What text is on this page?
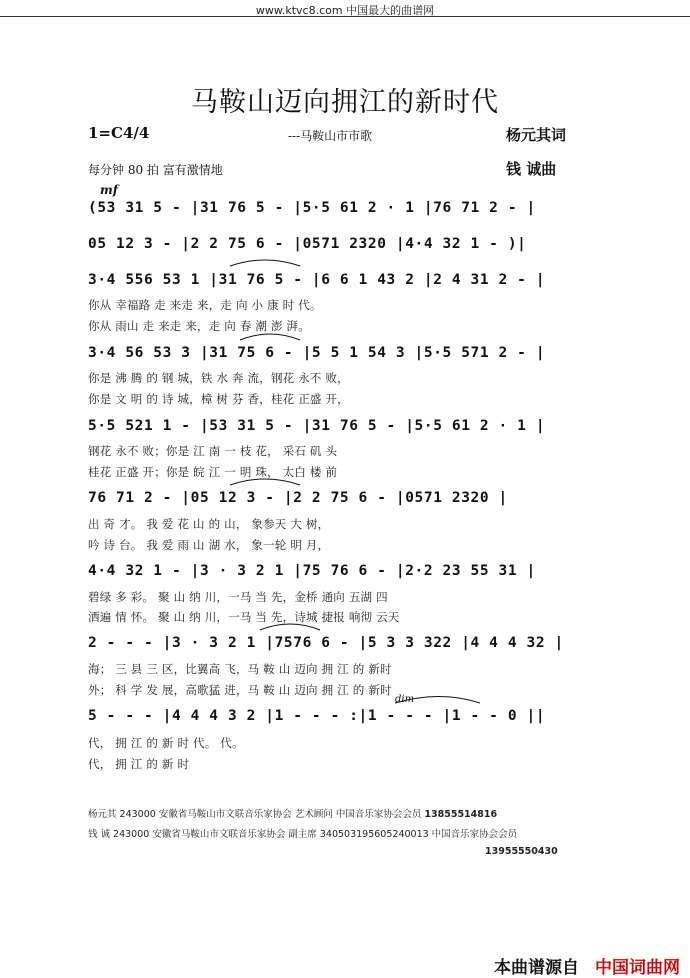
www.ktvc8.com 中国最大的曲谱网
马鞍山迈向拥江的新时代
1=C4/4	---马鞍山市市歌	杨元其词
每分钟 80 拍 富有激情地	钱 诚曲
mf
(53 31 5 - |31 76 5 - |5·5 61 2 · 1 |76 71 2 - |
05 12 3 - |2 2 75 6 - |0571 2320 |4·4 32 1 - )|
3·4 556 53 1 |31 76 5 - |6 6 1 43 2 |2 4 31 2 - |
你从 幸福路 走 来走 来，走 向 小 康 时 代。
你从 雨山 走 来走 来，走 向 春 潮 澎 湃。
3·4 56 53 3 |31 75 6 - |5 5 1 54 3 |5·5 571 2 - |
你是 沸 腾 的 钢 城，铁 水 奔 流，钢花 永不 败，
你是 文 明 的 诗 城，樟 树 芬 香，桂花 正盛 开，
5·5 521 1 - |53 31 5 - |31 76 5 - |5·5 61 2 · 1 |
钢花 永不 败；你是 江 南 一 枝 花， 采石 矶 头
桂花 正盛 开；你是 皖 江 一 明 珠， 太白 楼 前
76 71 2 - |05 12 3 - |2 2 75 6 - |0571 2320 |
出 奇 才。 我 爱 花 山 的 山， 象参天 大 树，
吟 诗 台。 我 爱 雨 山 湖 水， 象一轮 明 月，
4·4 32 1 - |3 · 3 2 1 |75 76 6 - |2·2 23 55 31 |
碧绿 多 彩。 聚 山 纳 川，一马 当 先，金桥 通向 五湖 四
洒遍 情 怀。 聚 山 纳 川，一马 当 先，诗城 捷报 响彻 云天
2 - - - |3 · 3 2 1 |7576 6 - |5 3 3 322 |4 4 4 32 |
海； 三 县 三 区，比翼高 飞，马 鞍 山 迈向 拥 江 的 新时
外； 科 学 发 展，高歌猛 进，马 鞍 山 迈向 拥 江 的 新时
dim
5 - - - |4 4 4 3 2 |1 - - - :|1 - - - |1 - - 0 ||
代， 拥 江 的 新 时 代。 代。
代， 拥 江 的 新 时
杨元其 243000 安徽省马鞍山市文联音乐家协会 艺术顾问 中国音乐家协会会员 13855514816
钱 诚 243000 安徽省马鞍山市文联音乐家协会 副主席 340503195605240013 中国音乐家协会会员
13955550430
本曲谱源自 中国词曲网
